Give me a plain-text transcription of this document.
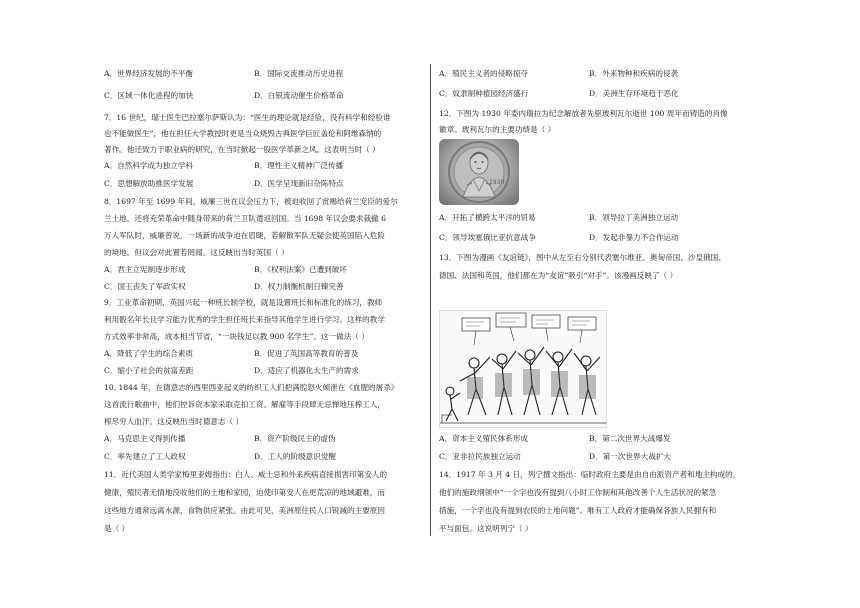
A．世界经济发展的不平衡	B．国际交流推动历史进程
C．区域一体化进程的加快	D．白银流动催生价格革命
7．16 世纪，瑞士医生巴拉塞尔萨斯认为：“医生的理论就是经验，没有科学和经验谁
也不能做医生”，他在担任大学教授时更是当众烧毁古典医学巨匠盖伦和阿维森纳的
著作。他还致力于职业病的研究，在当时掀起一股医学革新之风。这表明当时（ ）
A．自然科学成为独立学科	B．理性主义精神广泛传播
C．思想解放助推医学发展	D．医学呈现新旧杂陈特点
8．1697 年至 1699 年间，威廉三世在议会压力下，被迫收回了赏赐给荷兰宠臣的爱尔
兰土地，还将充荣革命中随身带来的荷兰卫队遣返回国。当 1698 年议会要求裁撤 6
万人军队时，威廉曾说，一场新的战争迫在眉睫，若解散军队无疑会使英国陷入危险
的境地。但议会对此置若罔闻。这反映出当时英国（ ）
A．君主立宪制逐步形成	B．《权利法案》已遭到破坏
C．国王丧失了军政实权	D．权力制衡机制日臻完善
9．工业革命初期，英国兴起一种班长制学校，就是设置班长和标准化的练习，教师
利用骰名年长且学习能力优秀的学生担任班长来指导其他学生进行学习。这样的教学
方式效率非常高，成本相当节省，“一块钱足以教 900 名学生”。这一做法（ ）
A．降低了学生的综合素质	B．促进了英国高等教育的普及
C．缩小了社会的贫富差距	D．适应了机器化大生产的需求
10. 1844 年，在德意志的西里西亚起义的纺织工人们把满腔怒火倾泄在《血腥的屠杀》
这首流行歌曲中，他们控诉资本家采取克扣工资、解雇等手段肆无忌惮地压榨工人，
榨尽穷人血汗。这反映出当时德意志（ ）
A．马克思主义得到传播	B．资产阶级民主的虚伪
C．率先建立了工人政权	D．工人的阶级意识觉醒
11．近代美国人类学家梅里亚姆指出：白人、威士忌和外来疾病直接损害印第安人的
健康，殖民者无情地没收他们的土地和家园，迫使印第安人在更荒凉的地域避难，而
这些地方通常远离水源，食物供应紧张。由此可见，美洲原住民人口锐减的主要原因
是（ ）
A．殖民主义者的侵略掠夺	B．外来物种和疾病的侵袭
C．奴隶制种植园经济盛行	D．美洲生存环境趋于恶化
12．下图为 1930 年委内瑞拉为纪念解放者先驱玻利瓦尔逝世 100 周年而铸造的肖像
徽章。玻利瓦尔的主要功绩是（ ）
1930
A．开拓了横跨太平洋的贸易	B．领导拉丁美洲独立运动
C．领导埃塞俄比亚抗意战争	D．发起非暴力不合作运动
13．下图为漫画《友谊链》，图中从左至右分别代表塞尔维亚、奥匈帝国、沙皇俄国、
德国、法国和英国，他们都在为“友谊”吸引“对手”。该漫画反映了（ ）
A．资本主义殖民体系形成	B．第二次世界大战爆发
C．亚非拉民族独立运动	D．第一次世界大战扩大
14．1917 年 3 月 4 日，列宁撰文指出：临时政府主要是由自由派资产者和地主构成的，
他们的施政纲领中“一个字也没有提到八小时工作制和其他改善个人生活状况的紧急
措施，一个字也没有提到农民的土地问题”。唯有工人政府才能确保各族人民拥有和
平与面包。这说明列宁（ ）
